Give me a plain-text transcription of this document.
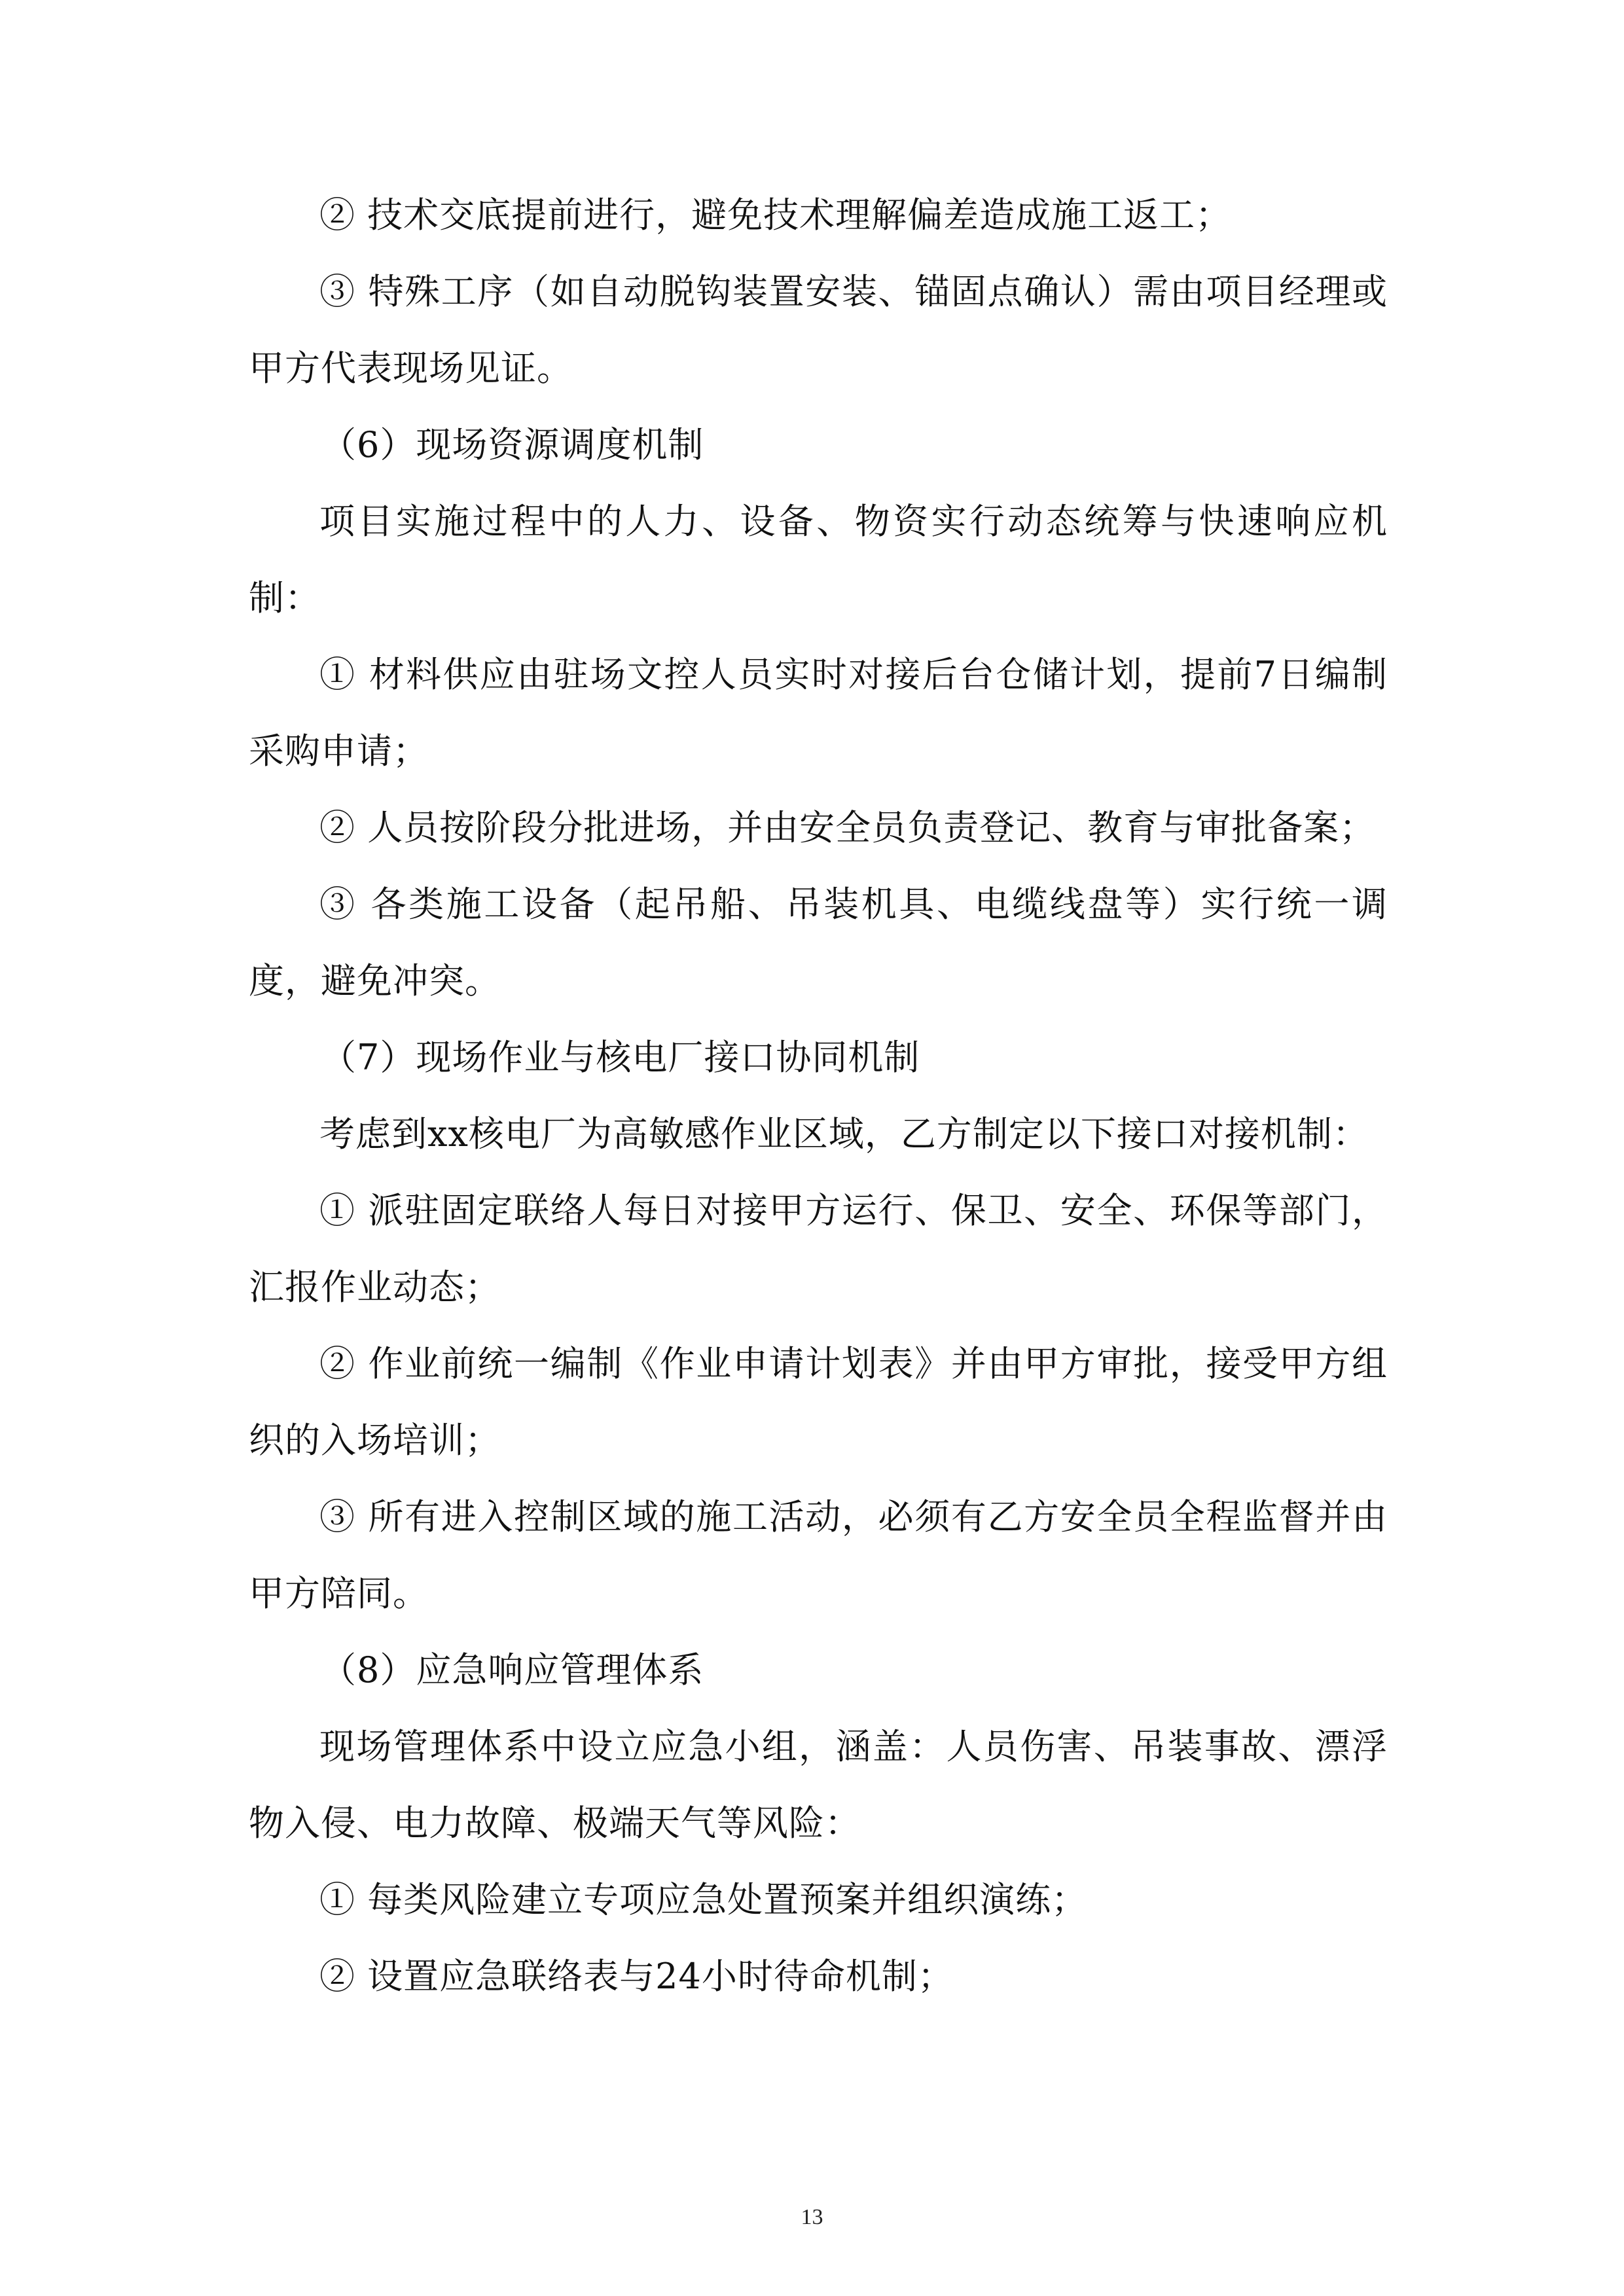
② 技术交底提前进行，避免技术理解偏差造成施工返工；

③ 特殊工序（如自动脱钩装置安装、锚固点确认）需由项目经理或甲方代表现场见证。

（6）现场资源调度机制

项目实施过程中的人力、设备、物资实行动态统筹与快速响应机制：

① 材料供应由驻场文控人员实时对接后台仓储计划，提前7日编制采购申请；

② 人员按阶段分批进场，并由安全员负责登记、教育与审批备案；

③ 各类施工设备（起吊船、吊装机具、电缆线盘等）实行统一调度，避免冲突。

（7）现场作业与核电厂接口协同机制

考虑到xx核电厂为高敏感作业区域，乙方制定以下接口对接机制：

① 派驻固定联络人每日对接甲方运行、保卫、安全、环保等部门，汇报作业动态；

② 作业前统一编制《作业申请计划表》并由甲方审批，接受甲方组织的入场培训；

③ 所有进入控制区域的施工活动，必须有乙方安全员全程监督并由甲方陪同。

（8）应急响应管理体系

现场管理体系中设立应急小组，涵盖：人员伤害、吊装事故、漂浮物入侵、电力故障、极端天气等风险：

① 每类风险建立专项应急处置预案并组织演练；

② 设置应急联络表与24小时待命机制；

13
